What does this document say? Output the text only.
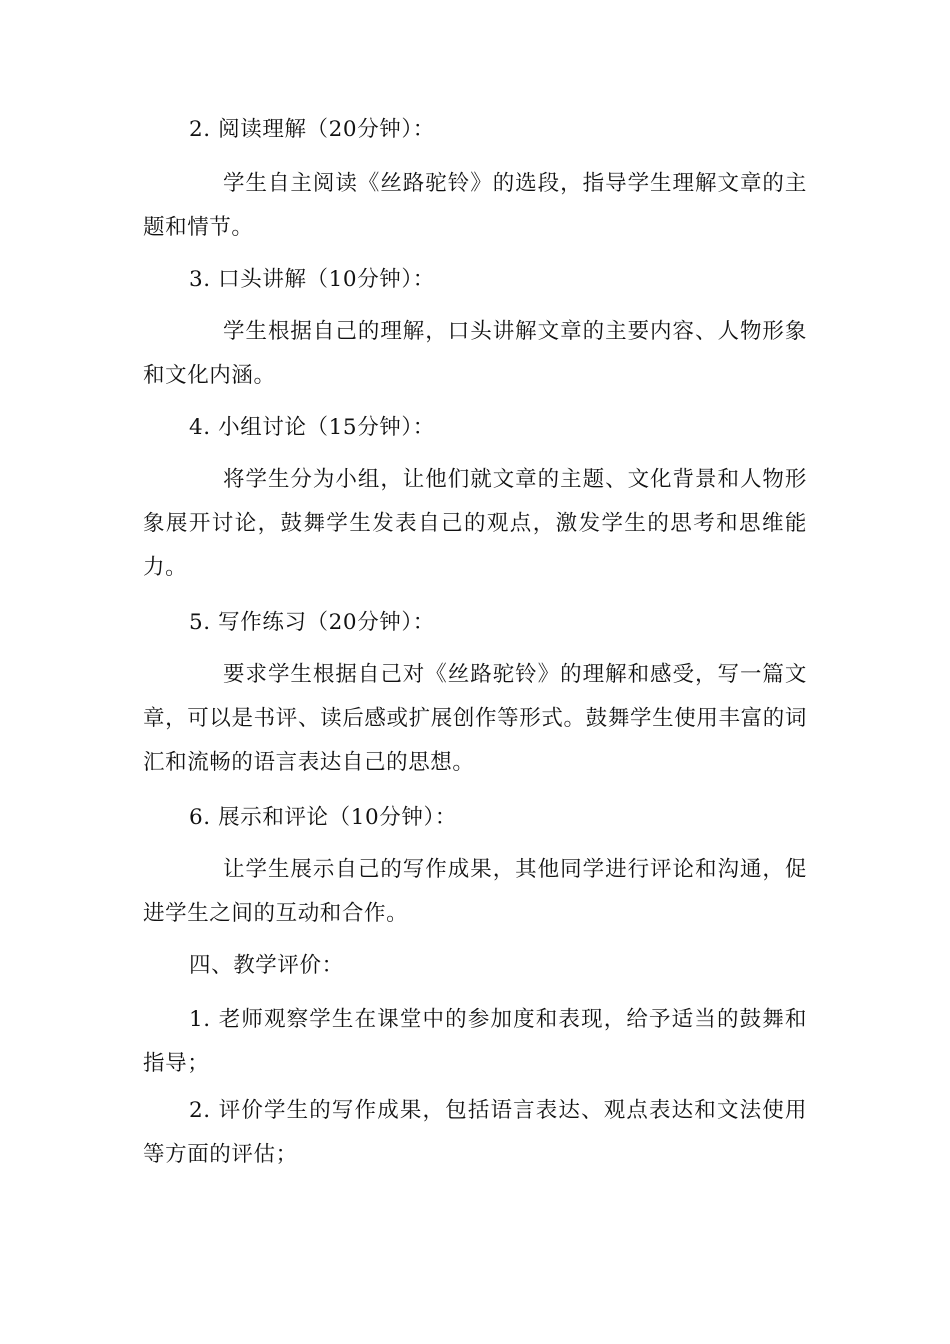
2. 阅读理解（20分钟）：
学生自主阅读《丝路驼铃》的选段，指导学生理解文章的主题和情节。
3. 口头讲解（10分钟）：
学生根据自己的理解，口头讲解文章的主要内容、人物形象和文化内涵。
4. 小组讨论（15分钟）：
将学生分为小组，让他们就文章的主题、文化背景和人物形象展开讨论，鼓舞学生发表自己的观点，激发学生的思考和思维能力。
5. 写作练习（20分钟）：
要求学生根据自己对《丝路驼铃》的理解和感受，写一篇文章，可以是书评、读后感或扩展创作等形式。鼓舞学生使用丰富的词汇和流畅的语言表达自己的思想。
6. 展示和评论（10分钟）：
让学生展示自己的写作成果，其他同学进行评论和沟通，促进学生之间的互动和合作。
四、教学评价：
1. 老师观察学生在课堂中的参加度和表现，给予适当的鼓舞和指导；
2. 评价学生的写作成果，包括语言表达、观点表达和文法使用等方面的评估；
